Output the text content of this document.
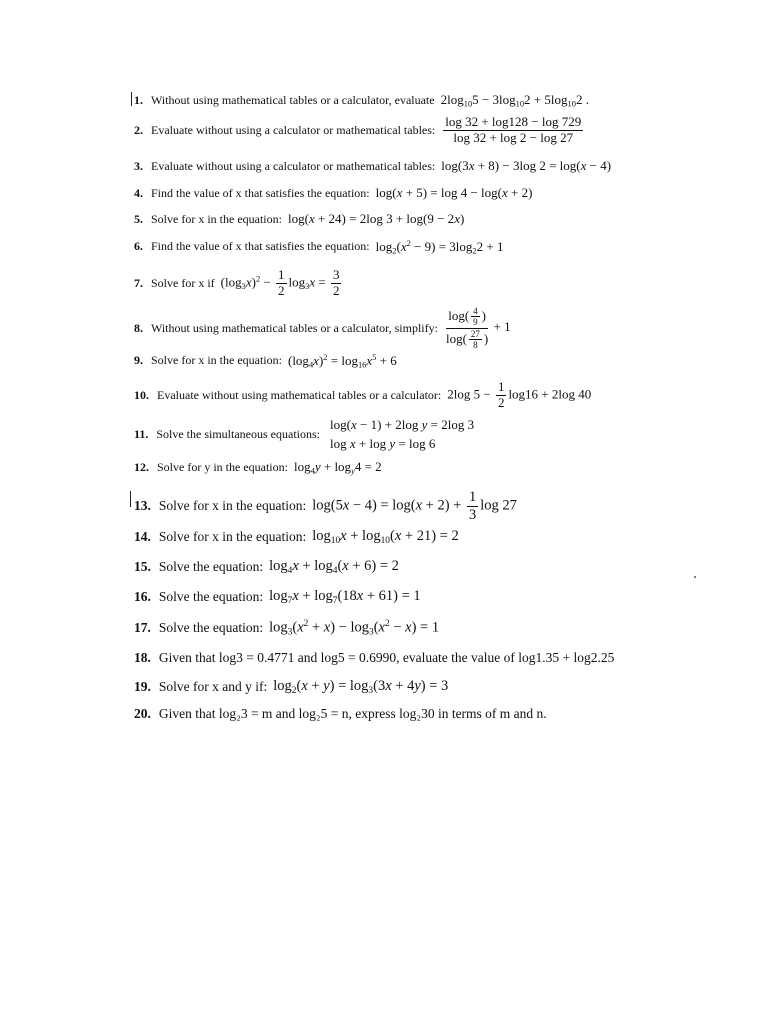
1. Without using mathematical tables or a calculator, evaluate $2\log_{10}5 - 3\log_{10}2 + 5\log_{10}2$ .
2. Evaluate without using a calculator or mathematical tables: $\frac{\log 32 + \log 128 - \log 729}{\log 32 + \log 2 - \log 27}$
3. Evaluate without using a calculator or mathematical tables: log(3x + 8) − 3log 2 = log(x − 4)
4. Find the value of x that satisfies the equation: log(x + 5) = log 4 − log(x + 2)
5. Solve for x in the equation: log(x + 24) = 2log 3 + log(9 − 2x)
6. Find the value of x that satisfies the equation: $\log_2(x^2 - 9) = 3\log_22 + 1$
7. Solve for x if $(\log_3x)^2 - \frac{1}{2} \log_3x = \frac{3}{2}$
8. Without using mathematical tables or a calculator, simplify: $\frac{\log( \frac{4}{9} )}{\log( \frac{27}{8} )} + 1$
9. Solve for x in the equation: $(\log_4x)^2 = \log_{16}x^5 + 6$
10. Evaluate without using mathematical tables or a calculator: 2log $5 - \frac{1}{2} \log 16 + 2\log$ 40
11. Solve the simultaneous equations:
log(x − 1) + 2log y = 2log 3
log x + log y = log 6
12. Solve for y in the equation: $\log_4y + \log_y4 = 2$
13. Solve for x in the equation: $\log(5x - 4) = \log(x + 2) + \frac{1}{3}$ log 27
14. Solve for x in the equation: $\log_{10}x + \log_{10}(x + 21) = 2$
15. Solve the equation: $\log_4x + \log_4(x + 6) = 2$
16. Solve the equation: $\log_7x + \log_7(18x + 61) = 1$
17. Solve the equation: $\log_3(x^2 + x) - \log_3(x^2 - x) = 1$
18. Given that log3 = 0.4771 and log5 = 0.6990, evaluate the value of log1.35 + log2.25
19. Solve for x and y if: $\log_2(x + y) = \log_3(3x + 4y) = 3$
20. Given that log₂3 = m and log₂5 = n, express log₂30 in terms of m and n.
